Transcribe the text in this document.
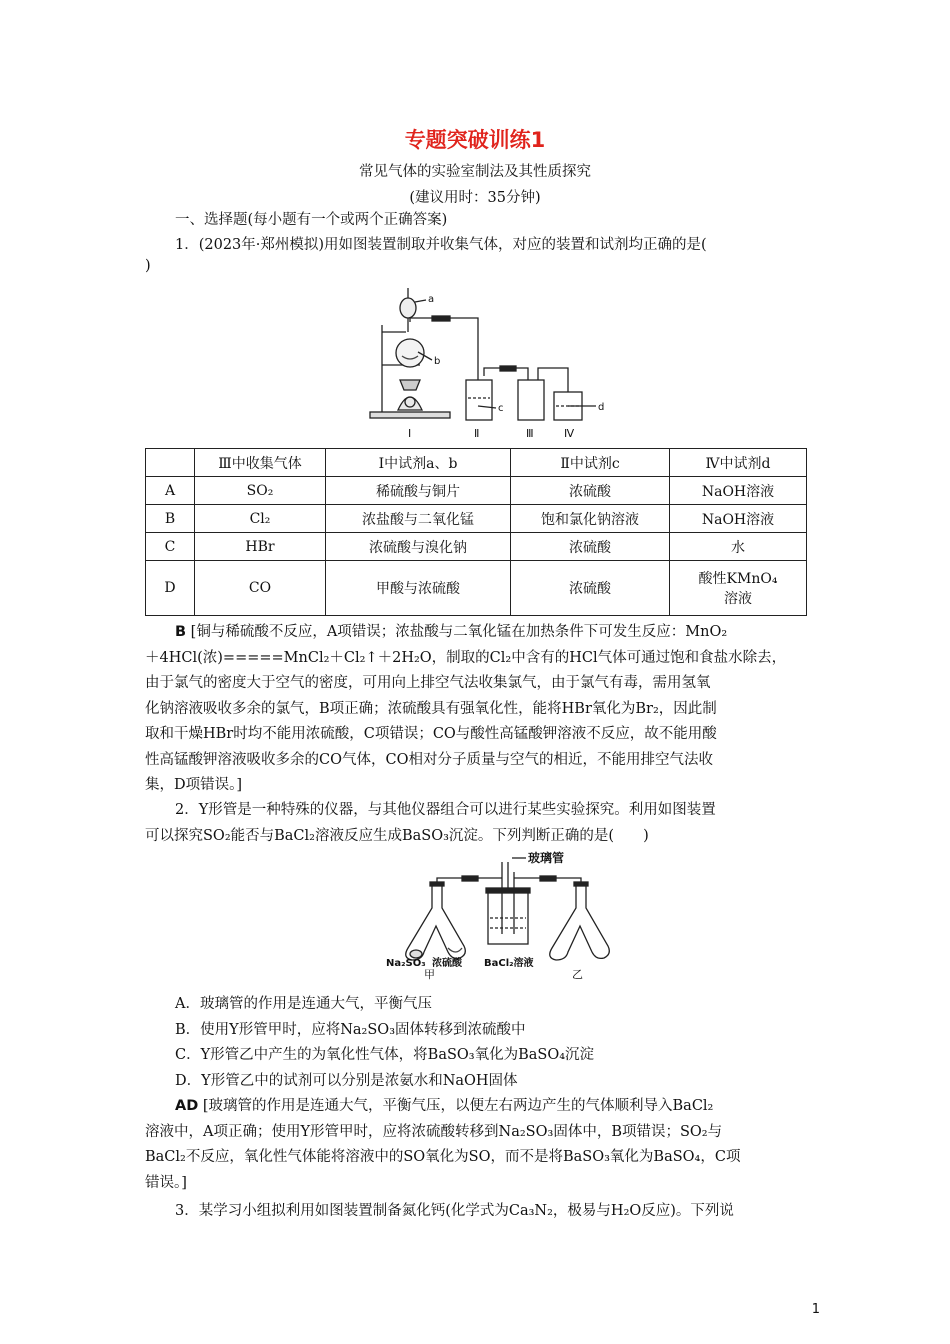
专题突破训练1
常见气体的实验室制法及其性质探究
(建议用时：35分钟)
一、选择题(每小题有一个或两个正确答案)
1．(2023年·郑州模拟)用如图装置制取并收集气体，对应的装置和试剂均正确的是(
)
a
b
c	d
I	Ⅱ	Ⅲ	Ⅳ
	Ⅲ中收集气体	Ⅰ中试剂a、b	Ⅱ中试剂c	Ⅳ中试剂d
A	SO₂	稀硫酸与铜片	浓硫酸	NaOH溶液
B	Cl₂	浓盐酸与二氧化锰	饱和氯化钠溶液	NaOH溶液
C	HBr	浓硫酸与溴化钠	浓硫酸	水
D	CO	甲酸与浓硫酸	浓硫酸	酸性KMnO₄
溶液
B [铜与稀硫酸不反应，A项错误；浓盐酸与二氧化锰在加热条件下可发生反应：MnO₂
＋4HCl(浓)=====MnCl₂＋Cl₂↑＋2H₂O，制取的Cl₂中含有的HCl气体可通过饱和食盐水除去，
由于氯气的密度大于空气的密度，可用向上排空气法收集氯气，由于氯气有毒，需用氢氧
化钠溶液吸收多余的氯气，B项正确；浓硫酸具有强氧化性，能将HBr氧化为Br₂，因此制
取和干燥HBr时均不能用浓硫酸，C项错误；CO与酸性高锰酸钾溶液不反应，故不能用酸
性高锰酸钾溶液吸收多余的CO气体，CO相对分子质量与空气的相近，不能用排空气法收
集，D项错误。]
2．Y形管是一种特殊的仪器，与其他仪器组合可以进行某些实验探究。利用如图装置
可以探究SO₂能否与BaCl₂溶液反应生成BaSO₃沉淀。下列判断正确的是(　　)
玻璃管
Na₂SO₃ 浓硫酸 BaCl₂溶液
甲	乙
A．玻璃管的作用是连通大气，平衡气压
B．使用Y形管甲时，应将Na₂SO₃固体转移到浓硫酸中
C．Y形管乙中产生的为氧化性气体，将BaSO₃氧化为BaSO₄沉淀
D．Y形管乙中的试剂可以分别是浓氨水和NaOH固体
AD [玻璃管的作用是连通大气，平衡气压，以便左右两边产生的气体顺利导入BaCl₂
溶液中，A项正确；使用Y形管甲时，应将浓硫酸转移到Na₂SO₃固体中，B项错误；SO₂与
BaCl₂不反应，氧化性气体能将溶液中的SO氧化为SO，而不是将BaSO₃氧化为BaSO₄，C项
错误。]
3．某学习小组拟利用如图装置制备氮化钙(化学式为Ca₃N₂，极易与H₂O反应)。下列说
1
